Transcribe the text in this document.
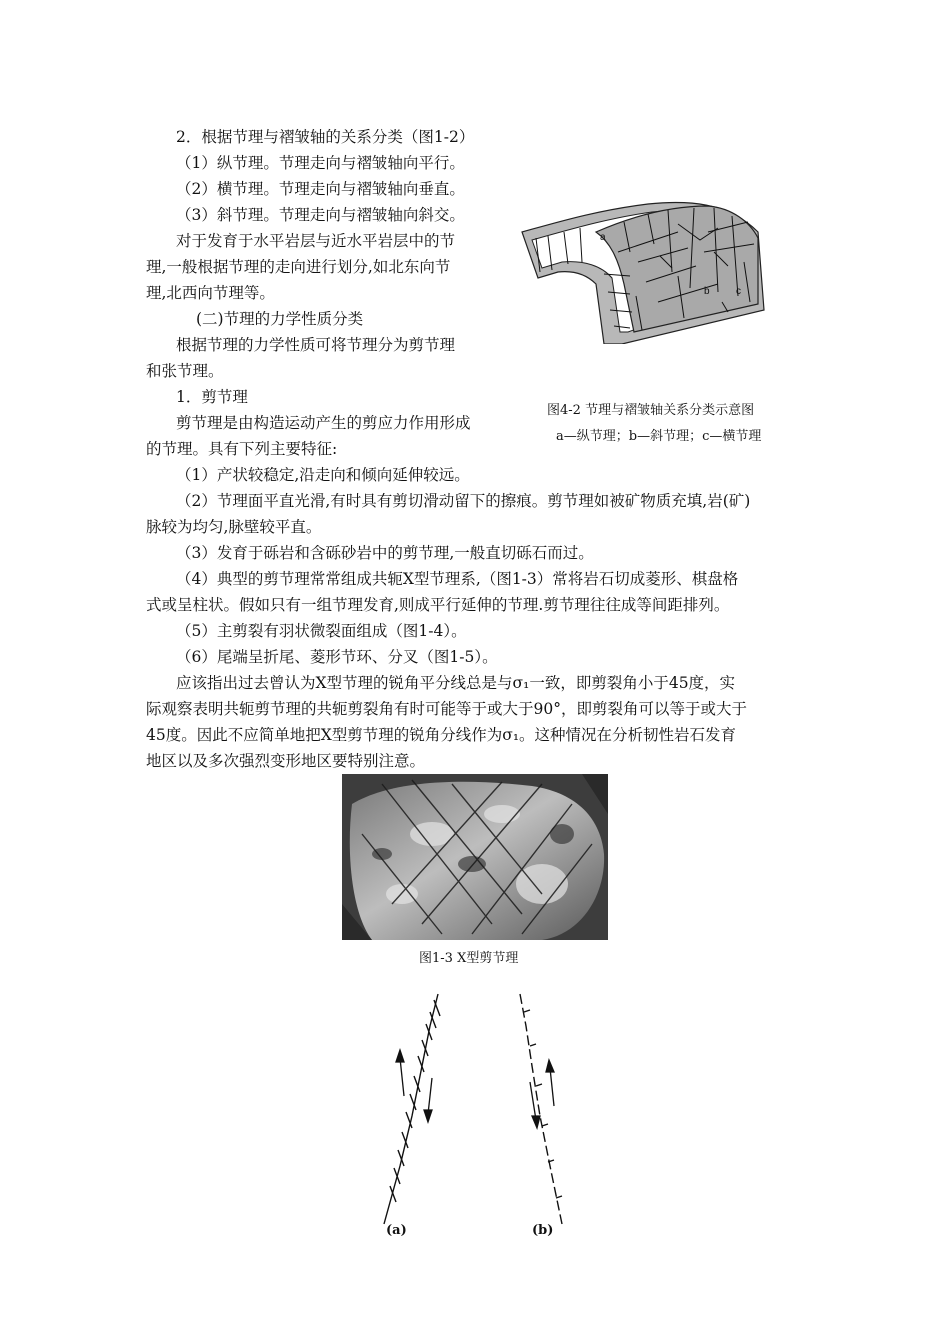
2．根据节理与褶皱轴的关系分类（图1-2）

（1）纵节理。节理走向与褶皱轴向平行。

（2）横节理。节理走向与褶皱轴向垂直。

（3）斜节理。节理走向与褶皱轴向斜交。

对于发育于水平岩层与近水平岩层中的节

理,一般根据节理的走向进行划分,如北东向节

理,北西向节理等。

(二)节理的力学性质分类

根据节理的力学性质可将节理分为剪节理

和张节理。

1．剪节理

剪节理是由构造运动产生的剪应力作用形成

的节理。具有下列主要特征:

（1）产状较稳定,沿走向和倾向延伸较远。

（2）节理面平直光滑,有时具有剪切滑动留下的擦痕。剪节理如被矿物质充填,岩(矿)

脉较为均匀,脉壁较平直。

（3）发育于砾岩和含砾砂岩中的剪节理,一般直切砾石而过。

（4）典型的剪节理常常组成共轭X型节理系,（图1-3）常将岩石切成菱形、棋盘格

式或呈柱状。假如只有一组节理发育,则成平行延伸的节理.剪节理往往成等间距排列。

（5）主剪裂有羽状微裂面组成（图1-4）。

（6）尾端呈折尾、菱形节环、分叉（图1-5）。

应该指出过去曾认为X型节理的锐角平分线总是与σ₁一致，即剪裂角小于45度，实

际观察表明共轭剪节理的共轭剪裂角有时可能等于或大于90°，即剪裂角可以等于或大于

45度。因此不应简单地把X型剪节理的锐角分线作为σ₁。这种情况在分析韧性岩石发育

地区以及多次强烈变形地区要特别注意。

a
b	c
图4-2 节理与褶皱轴关系分类示意图
a—纵节理；b—斜节理；c—横节理
图1-3 X型剪节理
(a)	(b)
